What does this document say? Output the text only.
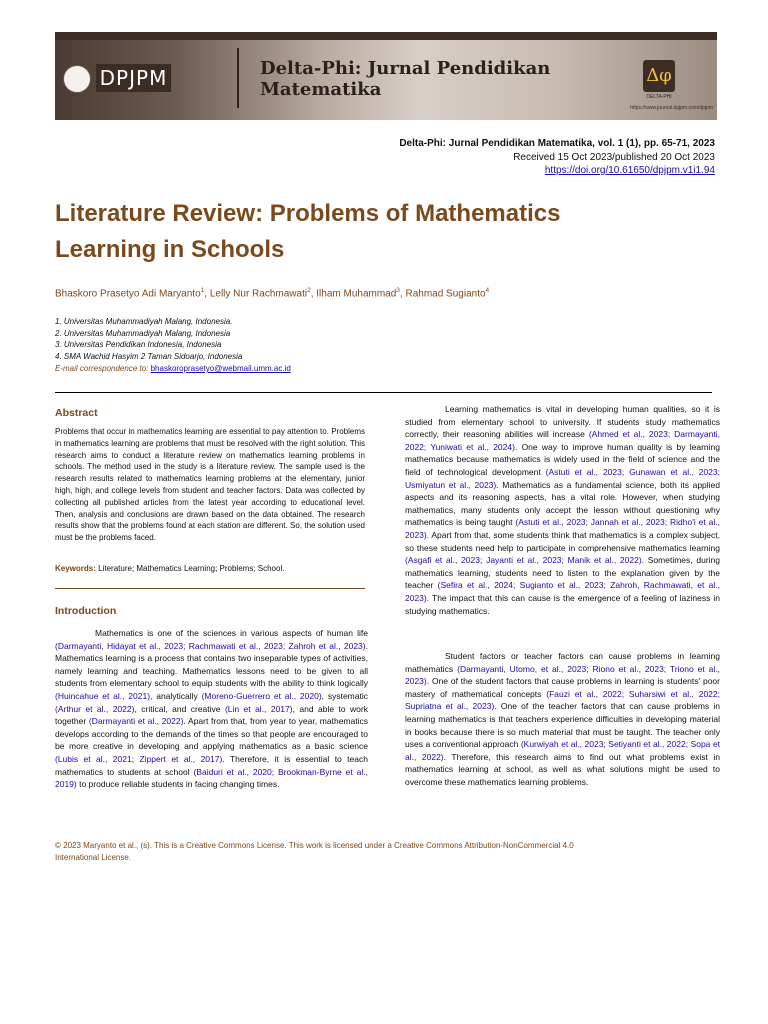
DPJPM	Delta-Phi: Jurnal Pendidikan
Matematika
Δφ
DELTA-PHI
https://www.journal.dpjpm.com/dpjpm
Delta-Phi: Jurnal Pendidikan Matematika, vol. 1 (1), pp. 65-71, 2023
Received 15 Oct 2023/published 20 Oct 2023
https://doi.org/10.61650/dpjpm.v1i1.94
Literature Review: Problems of Mathematics Learning in Schools
Bhaskoro Prasetyo Adi Maryanto$^1$, Lelly Nur Rachmawati$^2$, Ilham Muhammad$^3$, Rahmad Sugianto$^4$
1. Universitas Muhammadiyah Malang, Indonesia.
2. Universitas Muhammadiyah Malang, Indonesia
3. Universitas Pendidikan Indonesia, Indonesia
4. SMA Wachid Hasyim 2 Taman Sidoarjo, Indonesia
E-mail correspondence to: bhaskoroprasetyo@webmail.umm.ac.id
Abstract
Problems that occur in mathematics learning are essential to pay attention to. Problems in mathematics learning are problems that must be resolved with the right solution. This research aims to conduct a literature review on mathematics learning problems in schools. The method used in the study is a literature review. The sample used is the research results related to mathematics learning problems at the elementary, junior high, high, and college levels from student and teacher factors. Data was collected by collecting all published articles from the latest year according to educational level. Then, analysis and conclusions are drawn based on the data obtained. The research results show that the problems found at each station are different. So, the solution used must be the problems faced.
Keywords: Literature; Mathematics Learning; Problems; School.
Introduction

Mathematics is one of the sciences in various aspects of human life (Darmayanti, Hidayat et al., 2023; Rachmawati et al., 2023; Zahroh et al., 2023). Mathematics learning is a process that contains two inseparable types of activities, namely learning and teaching. Mathematics lessons need to be given to all students from elementary school to equip students with the ability to think logically (Huincahue et al., 2021), analytically (Moreno-Guerrero et al., 2020), systematic (Arthur et al., 2022), critical, and creative (Lin et al., 2017), and able to work together (Darmayanti et al., 2022). Apart from that, from year to year, mathematics develops according to the demands of the times so that people are encouraged to be more creative in developing and applying mathematics as a basic science (Lubis et al., 2021; Zippert et al., 2017). Therefore, it is essential to teach mathematics to students at school (Baiduri et al., 2020; Brookman-Byrne et al., 2019) to produce reliable students in facing changing times.

Learning mathematics is vital in developing human qualities, so it is studied from elementary school to university. If students study mathematics correctly, their reasoning abilities will increase (Ahmed et al., 2023; Darmayanti, 2022; Yuniwati et al., 2024). One way to improve human quality is by learning mathematics because mathematics is widely used in the field of science and the field of technological development (Astuti et al., 2023; Gunawan et al., 2023; Usmiyatun et al., 2023). Mathematics as a fundamental science, both its applied aspects and its reasoning aspects, has a vital role. However, when studying mathematics, many students only accept the lesson without questioning why mathematics is being taught (Astuti et al., 2023; Jannah et al., 2023; Ridho'i et al., 2023). Apart from that, some students think that mathematics is a complex subject, so these students need help to participate in comprehensive mathematics learning (Asgafi et al., 2023; Jayanti et al., 2023; Manik et al., 2022). Sometimes, during mathematics learning, students need to listen to the explanation given by the teacher (Sefira et al., 2024; Sugianto et al., 2023; Zahroh, Rachmawati, et al., 2023). The impact that this can cause is the emergence of a feeling of laziness in studying mathematics.

Student factors or teacher factors can cause problems in learning mathematics (Darmayanti, Utomo, et al., 2023; Riono et al., 2023; Triono et al., 2023). One of the student factors that cause problems in learning is students' poor mastery of mathematical concepts (Fauzi et al., 2022; Suharsiwi et al., 2022; Supriatna et al., 2023). One of the teacher factors that can cause problems in learning mathematics is that teachers experience difficulties in developing material in books because there is so much material that must be taught. The teacher only uses a conventional approach (Kurwiyah et al., 2023; Setiyanti et al., 2022; Sopa et al., 2022). Therefore, this research aims to find out what problems exist in mathematics learning at school, as well as what solutions might be used to overcome these mathematics learning problems.

© 2023 Maryanto et al., (s). This is a Creative Commons License. This work is licensed under a Creative Commons Attribution-NonCommercial 4.0 International License.
